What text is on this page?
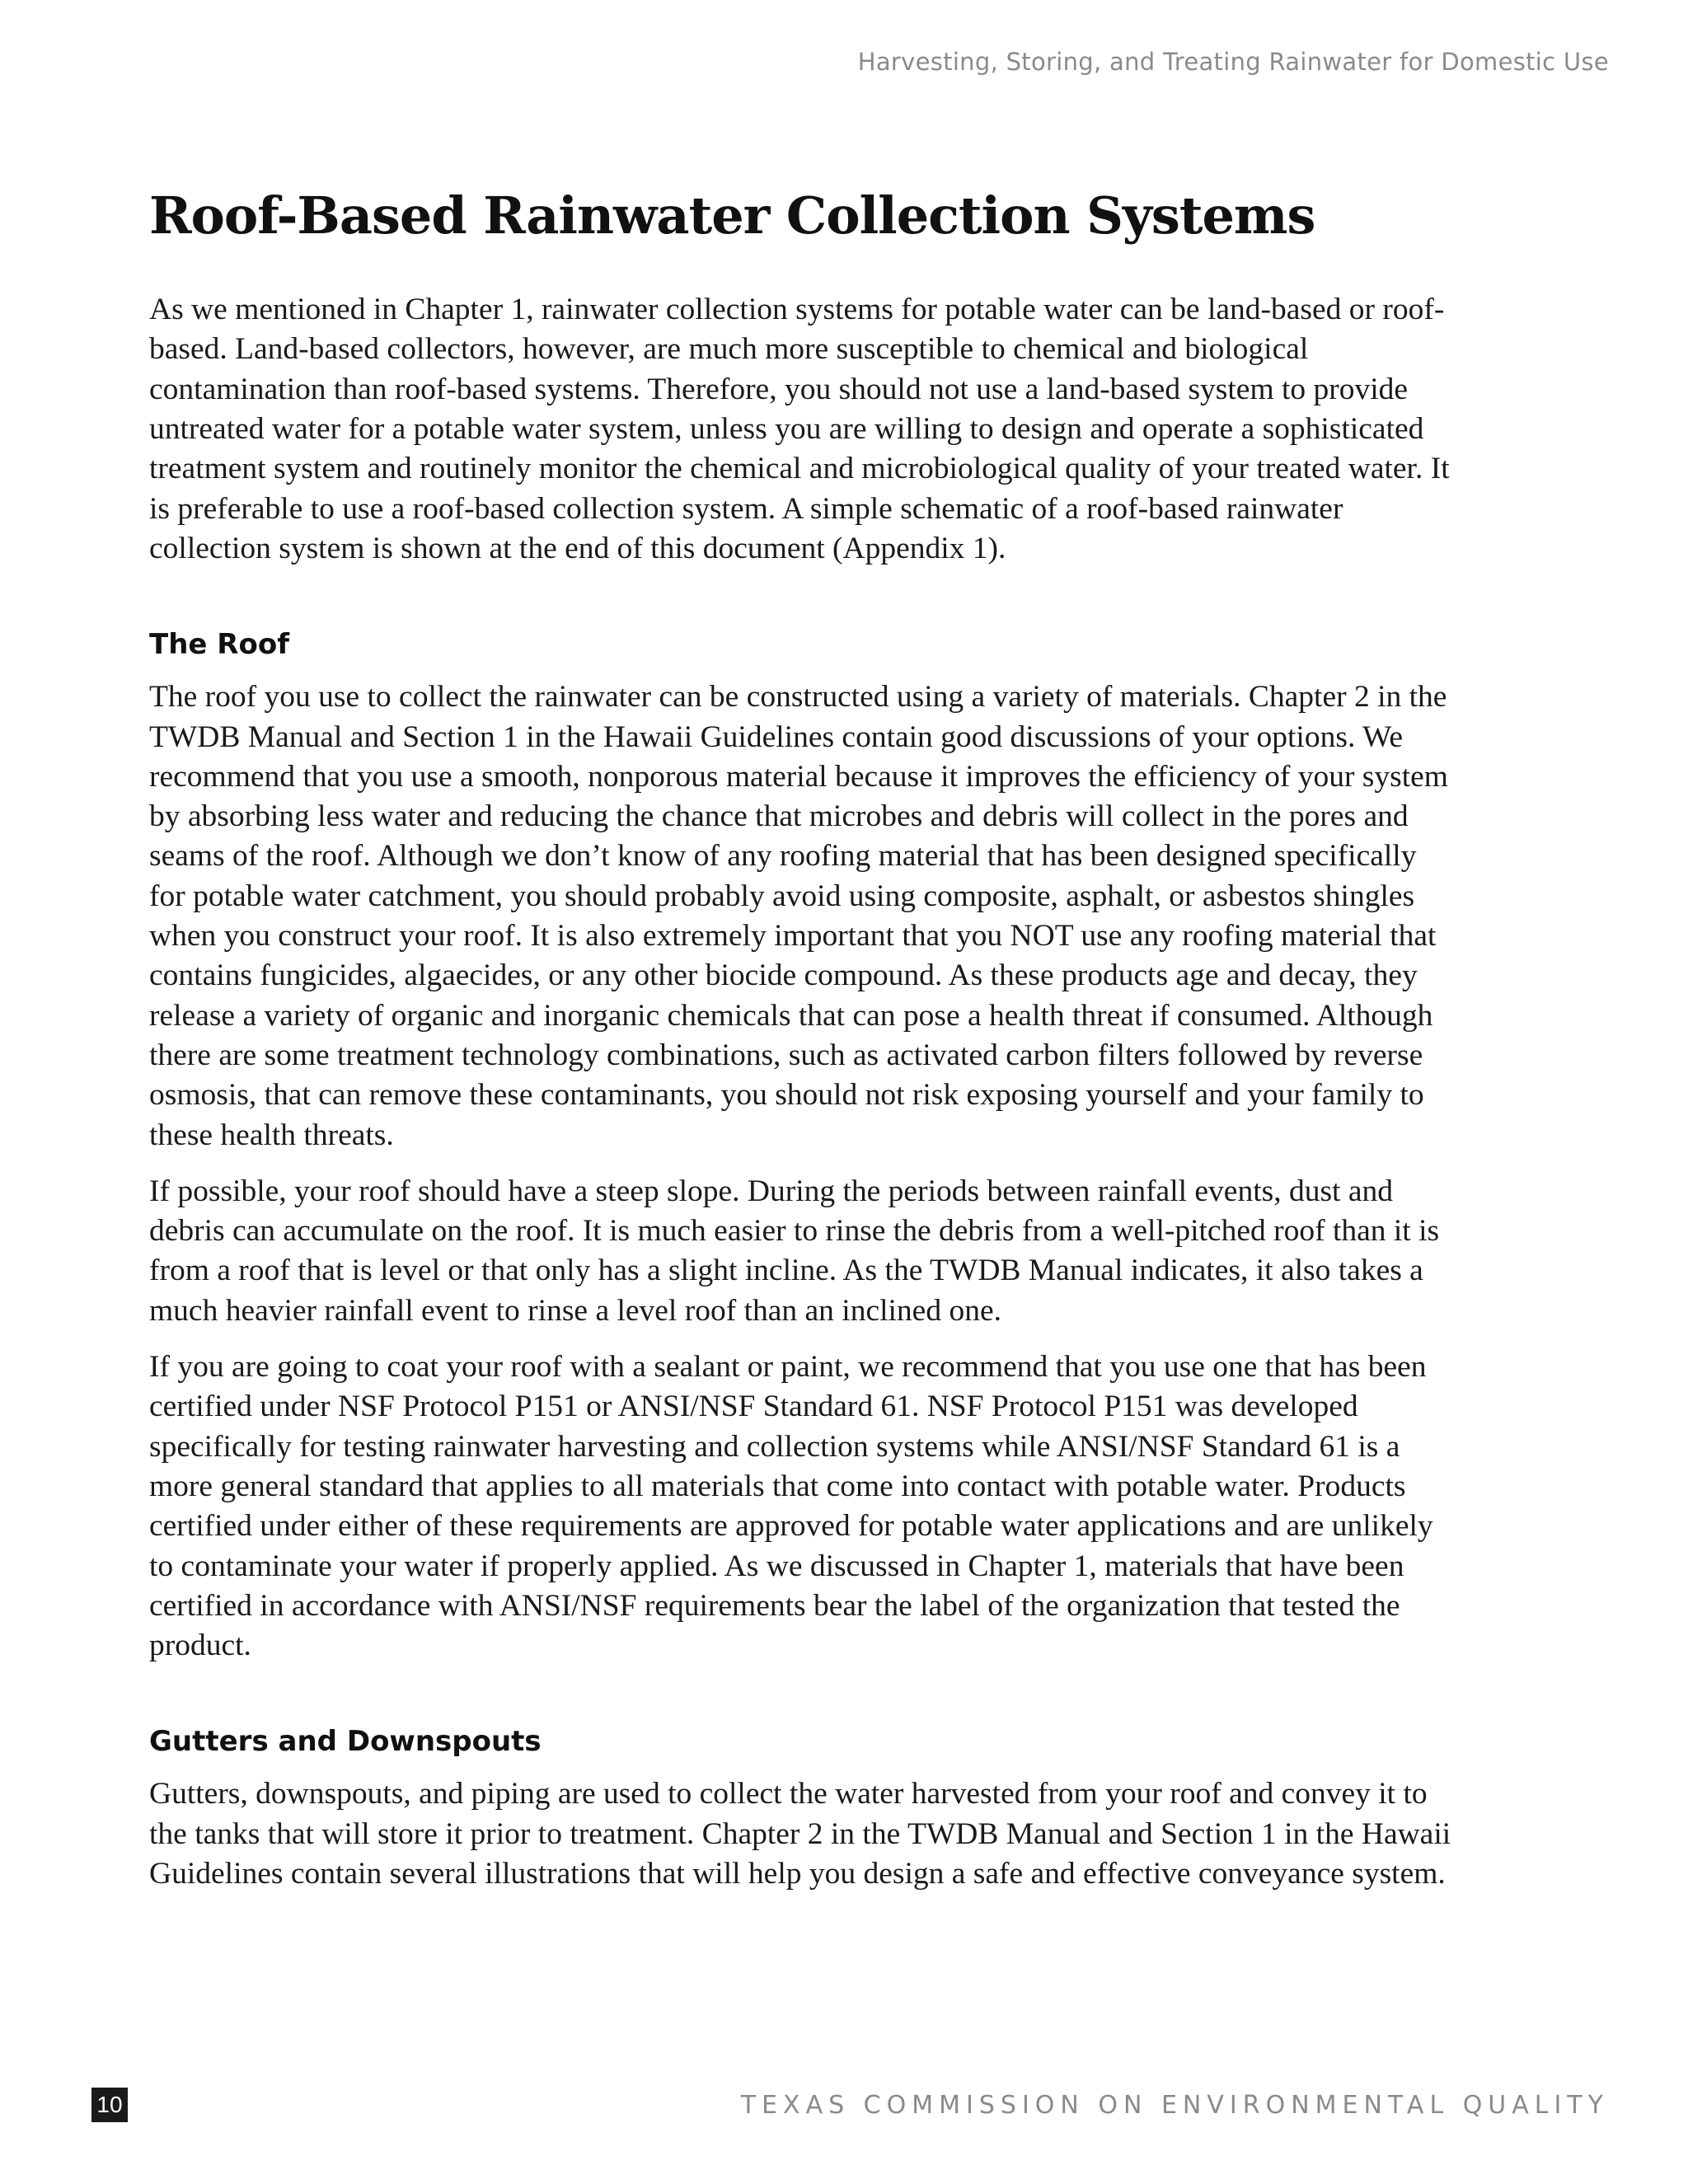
Harvesting, Storing, and Treating Rainwater for Domestic Use
Roof-Based Rainwater Collection Systems

As we mentioned in Chapter 1, rainwater collection systems for potable water can be land-based or roof-based. Land-based collectors, however, are much more susceptible to chemical and biological contamination than roof-based systems. Therefore, you should not use a land-based system to provide untreated water for a potable water system, unless you are willing to design and operate a sophisticated treatment system and routinely monitor the chemical and microbiological quality of your treated water. It is preferable to use a roof-based collection system. A simple schematic of a roof-based rainwater collection system is shown at the end of this document (Appendix 1).

The Roof

The roof you use to collect the rainwater can be constructed using a variety of materials. Chapter 2 in the TWDB Manual and Section 1 in the Hawaii Guidelines contain good discussions of your options. We recommend that you use a smooth, nonporous material because it improves the efficiency of your system by absorbing less water and reducing the chance that microbes and debris will collect in the pores and seams of the roof. Although we don’t know of any roofing material that has been designed specifically for potable water catchment, you should probably avoid using composite, asphalt, or asbestos shingles when you construct your roof. It is also extremely important that you NOT use any roofing material that contains fungicides, algaecides, or any other biocide compound. As these products age and decay, they release a variety of organic and inorganic chemicals that can pose a health threat if consumed. Although there are some treatment technology combinations, such as activated carbon filters followed by reverse osmosis, that can remove these contaminants, you should not risk exposing yourself and your family to these health threats.

If possible, your roof should have a steep slope. During the periods between rainfall events, dust and debris can accumulate on the roof. It is much easier to rinse the debris from a well-pitched roof than it is from a roof that is level or that only has a slight incline. As the TWDB Manual indicates, it also takes a much heavier rainfall event to rinse a level roof than an inclined one.

If you are going to coat your roof with a sealant or paint, we recommend that you use one that has been certified under NSF Protocol P151 or ANSI/NSF Standard 61. NSF Protocol P151 was developed specifically for testing rainwater harvesting and collection systems while ANSI/NSF Standard 61 is a more general standard that applies to all materials that come into contact with potable water. Products certified under either of these requirements are approved for potable water applications and are unlikely to contaminate your water if properly applied. As we discussed in Chapter 1, materials that have been certified in accordance with ANSI/NSF requirements bear the label of the organization that tested the product.

Gutters and Downspouts

Gutters, downspouts, and piping are used to collect the water harvested from your roof and convey it to the tanks that will store it prior to treatment. Chapter 2 in the TWDB Manual and Section 1 in the Hawaii Guidelines contain several illustrations that will help you design a safe and effective conveyance system.

10	TEXAS COMMISSION ON ENVIRONMENTAL QUALITY
